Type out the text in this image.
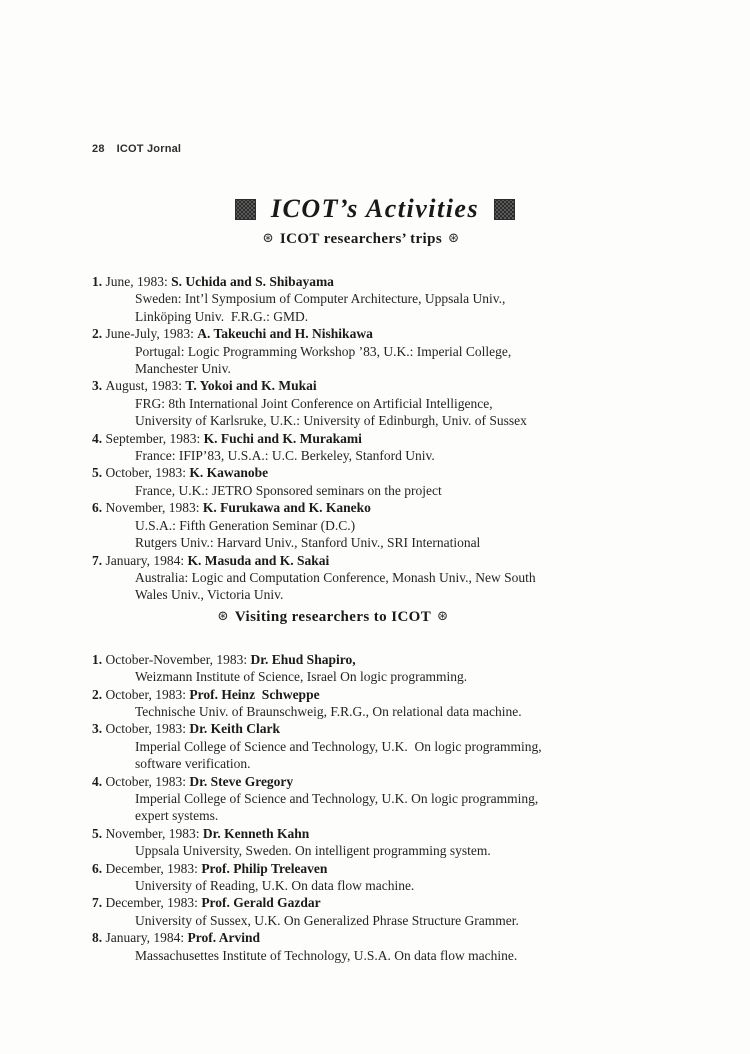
28 ICOT Jornal
ICOT’s Activities
⊛ ICOT researchers’ trips ⊛
1. June, 1983: S. Uchida and S. Shibayama
Sweden: Int’l Symposium of Computer Architecture, Uppsala Univ.,
Linköping Univ.  F.R.G.: GMD.
2. June-July, 1983: A. Takeuchi and H. Nishikawa
Portugal: Logic Programming Workshop ’83, U.K.: Imperial College,
Manchester Univ.
3. August, 1983: T. Yokoi and K. Mukai
FRG: 8th International Joint Conference on Artificial Intelligence,
University of Karlsruke, U.K.: University of Edinburgh, Univ. of Sussex
4. September, 1983: K. Fuchi and K. Murakami
France: IFIP’83, U.S.A.: U.C. Berkeley, Stanford Univ.
5. October, 1983: K. Kawanobe
France, U.K.: JETRO Sponsored seminars on the project
6. November, 1983: K. Furukawa and K. Kaneko
U.S.A.: Fifth Generation Seminar (D.C.)
Rutgers Univ.: Harvard Univ., Stanford Univ., SRI International
7. January, 1984: K. Masuda and K. Sakai
Australia: Logic and Computation Conference, Monash Univ., New South
Wales Univ., Victoria Univ.
⊛ Visiting researchers to ICOT ⊛
1. October-November, 1983: Dr. Ehud Shapiro,
Weizmann Institute of Science, Israel On logic programming.
2. October, 1983: Prof. Heinz  Schweppe
Technische Univ. of Braunschweig, F.R.G., On relational data machine.
3. October, 1983: Dr. Keith Clark
Imperial College of Science and Technology, U.K.  On logic programming,
software verification.
4. October, 1983: Dr. Steve Gregory
Imperial College of Science and Technology, U.K. On logic programming,
expert systems.
5. November, 1983: Dr. Kenneth Kahn
Uppsala University, Sweden. On intelligent programming system.
6. December, 1983: Prof. Philip Treleaven
University of Reading, U.K. On data flow machine.
7. December, 1983: Prof. Gerald Gazdar
University of Sussex, U.K. On Generalized Phrase Structure Grammer.
8. January, 1984: Prof. Arvind
Massachusettes Institute of Technology, U.S.A. On data flow machine.
